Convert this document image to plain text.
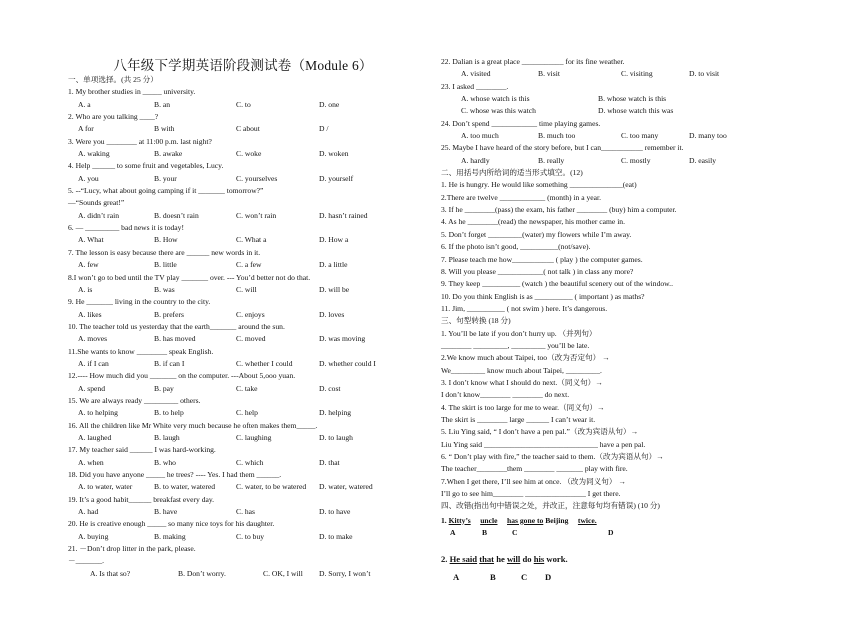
八年级下学期英语阶段测试卷（Module 6）
一、单项选择。(共 25 分）
1. My brother studies in _____ university.
A. a	B. an	C. to	D. one
2. Who are you talking ____?
A for	B with	C about	D /
3. Were you ________ at 11:00 p.m. last night?
A. waking	B. awake	C. woke	D. woken
4. Help ______ to some fruit and vegetables, Lucy.
A. you	B. your	C. yourselves	D. yourself
5. --“Lucy, what about going camping if it _______ tomorrow?”
—“Sounds great!”
A. didn’t rain	B. doesn’t rain	C. won’t rain	D. hasn’t rained
6. — _________ bad news it is today!
A. What	B. How	C. What a	D. How a
7. The lesson is easy because there are ______ new words in it.
A. few	B. little	C. a few	D. a little
8.I won’t go to bed until the TV play _______ over. --- You’d better not do that.
A. is	B. was	C. will	D. will be
9. He _______ living in the country to the city.
A. likes	B. prefers	C. enjoys	D. loves
10. The teacher told us yesterday that the earth_______ around the sun.
A. moves	B. has moved	C. moved	D. was moving
11.She wants to know ________ speak English.
A. if I can	B. if can I	C. whether I could	D. whether could I
12.---- How much did you _______ on the computer. ---About 5,ooo yuan.
A. spend	B. pay	C. take	D. cost
15. We are always ready _________ others.
A. to helping	B. to help	C. help	D. helping
16. All the children like Mr White very much because he often makes them_____.
A. laughed	B. laugh	C. laughing	D. to laugh
17. My teacher said ______ I was hard-working.
A. when	B. who	C. which	D. that
18. Did you have anyone _____ he trees? ---- Yes. I had them ______.
A. to water, water	B. to water, watered	C. water, to be watered D. water, watered
19. It’s a good habit______ breakfast every day.
A. had	B. have	C. has	D. to have
20. He is creative enough _____ so many nice toys for his daughter.
A. buying	B. making	C. to buy	D. to make
21. －Don’t drop litter in the park, please.
－_______.
A. Is that so?	B. Don’t worry.	C. OK, I will D. Sorry, I won’t
22. Dalian is a great place ___________ for its fine weather.
A. visited	B. visit	C. visiting	D. to visit
23. I asked ________.
A. whose watch is this	B. whose watch is this
C. whose was this watch	D. whose watch this was
24. Don’t spend ____________ time playing games.
A. too much	B. much too	C. too many	D. many too
25. Maybe I have heard of the story before, but I can___________ remember it.
A. hardly	B. really	C. mostly	D. easily
二、用括号内所给词的适当形式填空。(12)
1. He is hungry. He would like something ______________(eat)
2.There are twelve ____________ (month) in a year.
3. If he ________(pass) the exam, his father ________ (buy) him a computer.
4. As he ________(read) the newspaper, his mother came in.
5. Don’t forget _________(water) my flowers while I’m away.
6. If the photo isn’t good, __________(not/save).
7. Please teach me how___________ ( play ) the computer games.
8. Will you please ____________( not talk ) in class any more?
9. They keep __________ (watch ) the beautiful scenery out of the window..
10. Do you think English is as __________ ( important ) as maths?
11. Jim, __________ ( not swim ) here. It’s dangerous.
三、句型转换 (18 分)
1. You’ll be late if you don’t hurry up. （并列句）
________ _________, _________ you’ll be late.
2.We know much about Taipei, too（改为否定句） →
We_________ know much about Taipei, _________.
3. I don’t know what I should do next.（同义句）→
I don’t know________ ________ do next.
4. The skirt is too large for me to wear.（同义句）→
The skirt is ________ large ______ I can’t wear it.
5. Liu Ying said, “ I don’t have a pen pal.”（改为宾语从句）→
Liu Ying said ______________________________ have a pen pal.
6. “ Don’t play with fire,” the teacher said to them.（改为宾语从句）→
The teacher________them ________ _______ play with fire.
7.When I get there, I’ll see him at once. （改为同义句） →
I’ll go to see him________ ________________ I get there.
四、改错(指出句中错误之处，并改正，注意每句均有错误) (10 分)
1. Kitty’s uncle has gone to Beijing twice.
A	B	C	D
2. He said that he will do his work.
A	B	C D
